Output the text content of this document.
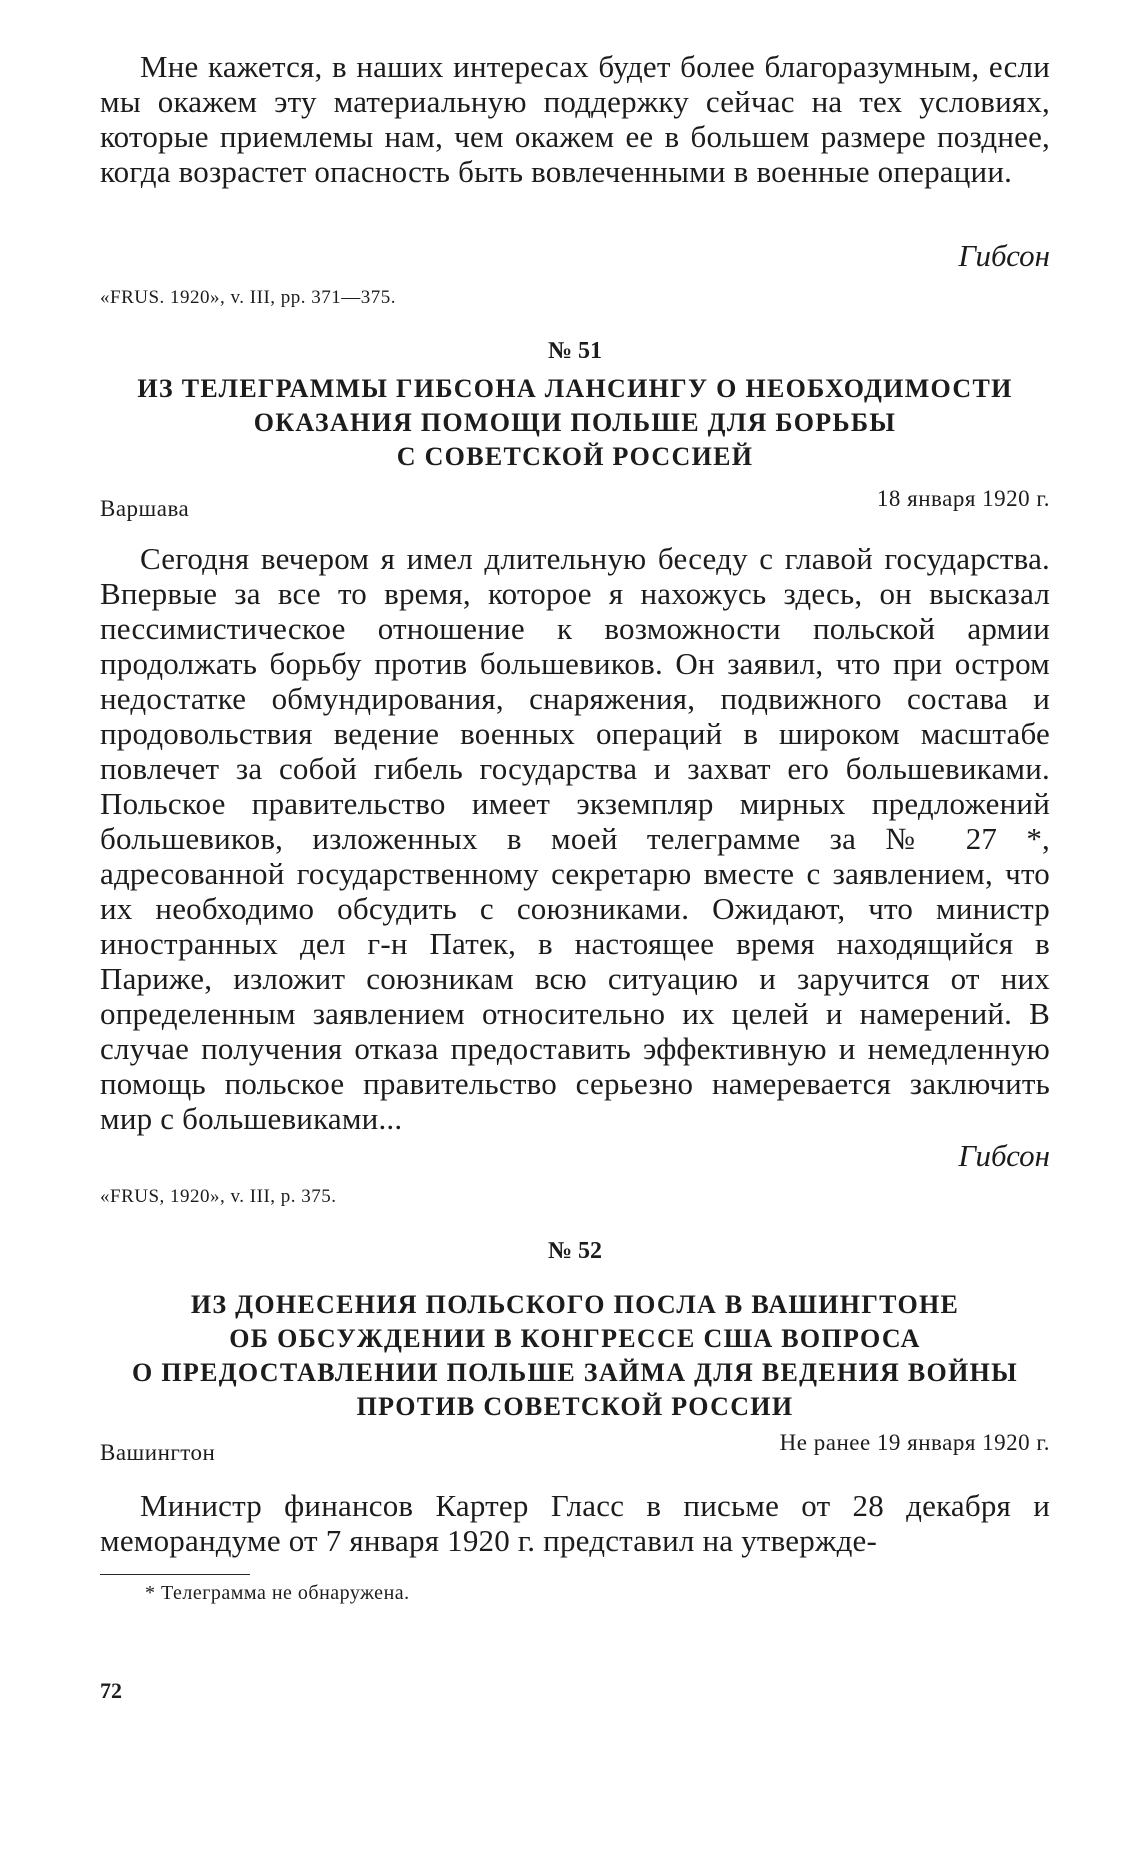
Мне кажется, в наших интересах будет более благоразумным, если мы окажем эту материальную поддержку сейчас на тех условиях, которые приемлемы нам, чем окажем ее в большем размере позднее, когда возрастет опасность быть вовлеченными в военные операции.

Гибсон
«FRUS. 1920», v. III, pp. 371—375.
№ 51
ИЗ ТЕЛЕГРАММЫ ГИБСОНА ЛАНСИНГУ О НЕОБХОДИМОСТИ
ОКАЗАНИЯ ПОМОЩИ ПОЛЬШЕ ДЛЯ БОРЬБЫ
С СОВЕТСКОЙ РОССИЕЙ
18 января 1920 г.
Варшава

Сегодня вечером я имел длительную беседу с главой государства. Впервые за все то время, которое я нахожусь здесь, он высказал пессимистическое отношение к возможности польской армии продолжать борьбу против большевиков. Он заявил, что при остром недостатке обмундирования, снаряжения, подвижного состава и продовольствия ведение военных операций в широком масштабе повлечет за собой гибель государства и захват его большевиками. Польское правительство имеет экземпляр мирных предложений большевиков, изложенных в моей телеграмме за № 27 *, адресованной государственному секретарю вместе с заявлением, что их необходимо обсудить с союзниками. Ожидают, что министр иностранных дел г-н Патек, в настоящее время находящийся в Париже, изложит союзникам всю ситуацию и заручится от них определенным заявлением относительно их целей и намерений. В случае получения отказа предоставить эффективную и немедленную помощь польское правительство серьезно намеревается заключить мир с большевиками...

Гибсон
«FRUS, 1920», v. III, p. 375.
№ 52
ИЗ ДОНЕСЕНИЯ ПОЛЬСКОГО ПОСЛА В ВАШИНГТОНЕ
ОБ ОБСУЖДЕНИИ В КОНГРЕССЕ США ВОПРОСА
О ПРЕДОСТАВЛЕНИИ ПОЛЬШЕ ЗАЙМА ДЛЯ ВЕДЕНИЯ ВОЙНЫ
ПРОТИВ СОВЕТСКОЙ РОССИИ
Вашингтон	Не ранее 19 января 1920 г.

Министр финансов Картер Гласс в письме от 28 декабря и меморандуме от 7 января 1920 г. представил на утвержде-

* Телеграмма не обнаружена.
72
